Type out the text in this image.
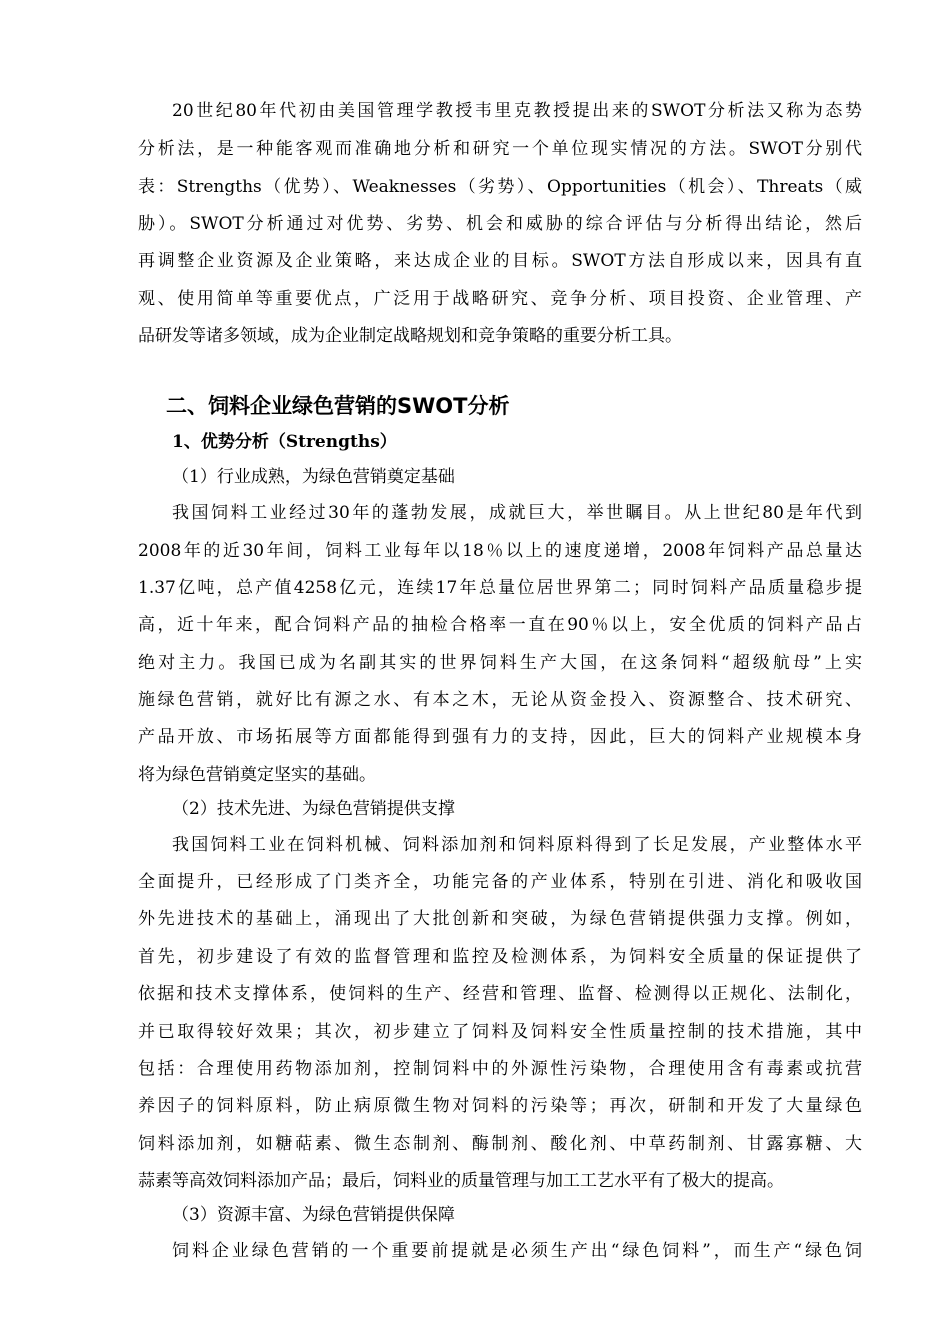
20世纪80年代初由美国管理学教授韦里克教授提出来的SWOT分析法又称为态势
分析法，是一种能客观而准确地分析和研究一个单位现实情况的方法。SWOT分别代
表：Strengths（优势）、Weaknesses（劣势）、Opportunities（机会）、Threats（威
胁）。SWOT分析通过对优势、劣势、机会和威胁的综合评估与分析得出结论，然后
再调整企业资源及企业策略，来达成企业的目标。SWOT方法自形成以来，因具有直
观、使用简单等重要优点，广泛用于战略研究、竞争分析、项目投资、企业管理、产
品研发等诸多领域，成为企业制定战略规划和竞争策略的重要分析工具。
二、饲料企业绿色营销的SWOT分析
1、优势分析（Strengths）
（1）行业成熟，为绿色营销奠定基础
我国饲料工业经过30年的蓬勃发展，成就巨大，举世瞩目。从上世纪80是年代到
2008年的近30年间，饲料工业每年以18％以上的速度递增，2008年饲料产品总量达
1.37亿吨，总产值4258亿元，连续17年总量位居世界第二；同时饲料产品质量稳步提
高，近十年来，配合饲料产品的抽检合格率一直在90％以上，安全优质的饲料产品占
绝对主力。我国已成为名副其实的世界饲料生产大国，在这条饲料“超级航母”上实
施绿色营销，就好比有源之水、有本之木，无论从资金投入、资源整合、技术研究、
产品开放、市场拓展等方面都能得到强有力的支持，因此，巨大的饲料产业规模本身
将为绿色营销奠定坚实的基础。
（2）技术先进、为绿色营销提供支撑
我国饲料工业在饲料机械、饲料添加剂和饲料原料得到了长足发展，产业整体水平
全面提升，已经形成了门类齐全，功能完备的产业体系，特别在引进、消化和吸收国
外先进技术的基础上，涌现出了大批创新和突破，为绿色营销提供强力支撑。例如，
首先，初步建设了有效的监督管理和监控及检测体系，为饲料安全质量的保证提供了
依据和技术支撑体系，使饲料的生产、经营和管理、监督、检测得以正规化、法制化，
并已取得较好效果；其次，初步建立了饲料及饲料安全性质量控制的技术措施，其中
包括：合理使用药物添加剂，控制饲料中的外源性污染物，合理使用含有毒素或抗营
养因子的饲料原料，防止病原微生物对饲料的污染等；再次，研制和开发了大量绿色
饲料添加剂，如糖萜素、微生态制剂、酶制剂、酸化剂、中草药制剂、甘露寡糖、大
蒜素等高效饲料添加产品；最后，饲料业的质量管理与加工工艺水平有了极大的提高。
（3）资源丰富、为绿色营销提供保障
饲料企业绿色营销的一个重要前提就是必须生产出“绿色饲料”，而生产“绿色饲
